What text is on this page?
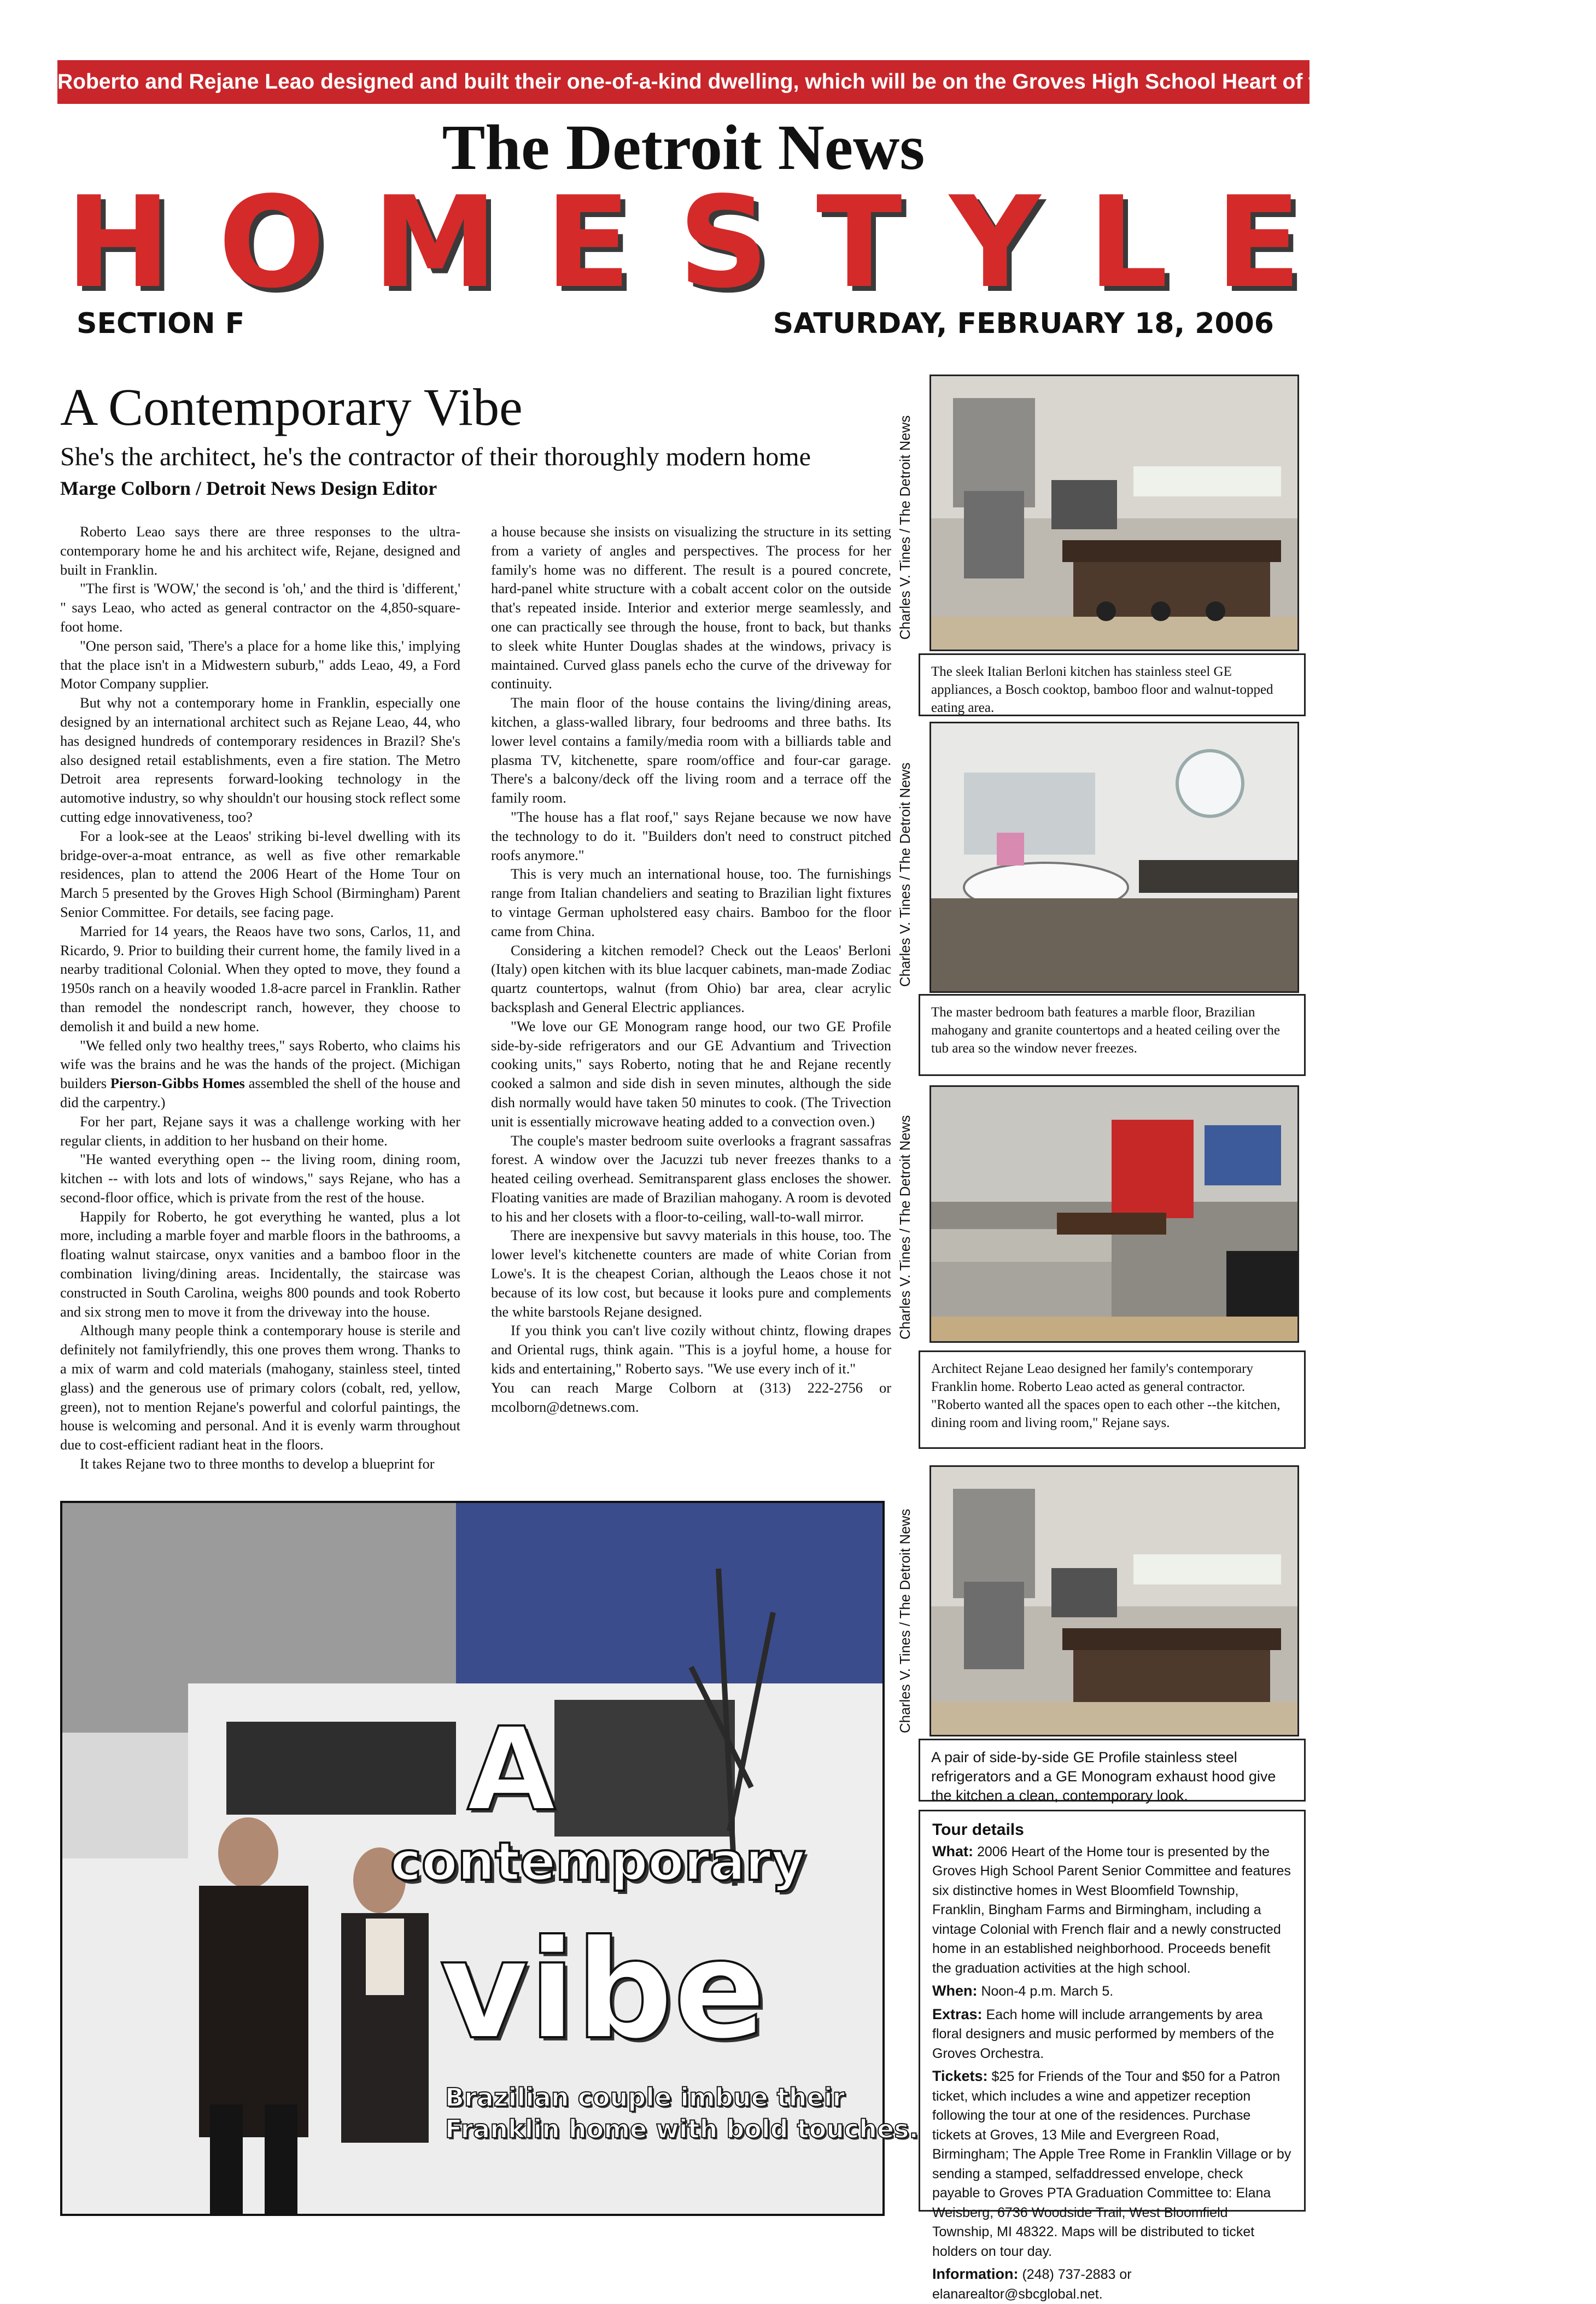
Roberto and Rejane Leao designed and built their one-of-a-kind dwelling, which will be on the Groves High School Heart of the Home Tour on March 5th
The Detroit News
H O M E S T Y L E
SECTION F	SATURDAY, FEBRUARY 18, 2006
A Contemporary Vibe
She's the architect, he's the contractor of their thoroughly modern home
Marge Colborn / Detroit News Design Editor

Roberto Leao says there are three responses to the ultra-contemporary home he and his architect wife, Rejane, designed and built in Franklin.

"The first is 'WOW,' the second is 'oh,' and the third is 'different,' " says Leao, who acted as general contractor on the 4,850-square-foot home.

"One person said, 'There's a place for a home like this,' implying that the place isn't in a Midwestern suburb," adds Leao, 49, a Ford Motor Company supplier.

But why not a contemporary home in Franklin, especially one designed by an international architect such as Rejane Leao, 44, who has designed hundreds of contemporary residences in Brazil? She's also designed retail establishments, even a fire station. The Metro Detroit area represents forward-looking technology in the automotive industry, so why shouldn't our housing stock reflect some cutting edge innovativeness, too?

For a look-see at the Leaos' striking bi-level dwelling with its bridge-over-a-moat entrance, as well as five other remarkable residences, plan to attend the 2006 Heart of the Home Tour on March 5 presented by the Groves High School (Birmingham) Parent Senior Committee. For details, see facing page.

Married for 14 years, the Reaos have two sons, Carlos, 11, and Ricardo, 9. Prior to building their current home, the family lived in a nearby traditional Colonial. When they opted to move, they found a 1950s ranch on a heavily wooded 1.8-acre parcel in Franklin. Rather than remodel the nondescript ranch, however, they choose to demolish it and build a new home.

"We felled only two healthy trees," says Roberto, who claims his wife was the brains and he was the hands of the project. (Michigan builders Pierson-Gibbs Homes assembled the shell of the house and did the carpentry.)

For her part, Rejane says it was a challenge working with her regular clients, in addition to her husband on their home.

"He wanted everything open -- the living room, dining room, kitchen -- with lots and lots of windows," says Rejane, who has a second-floor office, which is private from the rest of the house.

Happily for Roberto, he got everything he wanted, plus a lot more, including a marble foyer and marble floors in the bathrooms, a floating walnut staircase, onyx vanities and a bamboo floor in the combination living/dining areas. Incidentally, the staircase was constructed in South Carolina, weighs 800 pounds and took Roberto and six strong men to move it from the driveway into the house.

Although many people think a contemporary house is sterile and definitely not familyfriendly, this one proves them wrong. Thanks to a mix of warm and cold materials (mahogany, stainless steel, tinted glass) and the generous use of primary colors (cobalt, red, yellow, green), not to mention Rejane's powerful and colorful paintings, the house is welcoming and personal. And it is evenly warm throughout due to cost-efficient radiant heat in the floors.

It takes Rejane two to three months to develop a blueprint for

a house because she insists on visualizing the structure in its setting from a variety of angles and perspectives. The process for her family's home was no different. The result is a poured concrete, hard-panel white structure with a cobalt accent color on the outside that's repeated inside. Interior and exterior merge seamlessly, and one can practically see through the house, front to back, but thanks to sleek white Hunter Douglas shades at the windows, privacy is maintained. Curved glass panels echo the curve of the driveway for continuity.

The main floor of the house contains the living/dining areas, kitchen, a glass-walled library, four bedrooms and three baths. Its lower level contains a family/media room with a billiards table and plasma TV, kitchenette, spare room/office and four-car garage. There's a balcony/deck off the living room and a terrace off the family room.

"The house has a flat roof," says Rejane because we now have the technology to do it. "Builders don't need to construct pitched roofs anymore."

This is very much an international house, too. The furnishings range from Italian chandeliers and seating to Brazilian light fixtures to vintage German upholstered easy chairs. Bamboo for the floor came from China.

Considering a kitchen remodel? Check out the Leaos' Berloni (Italy) open kitchen with its blue lacquer cabinets, man-made Zodiac quartz countertops, walnut (from Ohio) bar area, clear acrylic backsplash and General Electric appliances.

"We love our GE Monogram range hood, our two GE Profile side-by-side refrigerators and our GE Advantium and Trivection cooking units," says Roberto, noting that he and Rejane recently cooked a salmon and side dish in seven minutes, although the side dish normally would have taken 50 minutes to cook. (The Trivection unit is essentially microwave heating added to a convection oven.)

The couple's master bedroom suite overlooks a fragrant sassafras forest. A window over the Jacuzzi tub never freezes thanks to a heated ceiling overhead. Semitransparent glass encloses the shower. Floating vanities are made of Brazilian mahogany. A room is devoted to his and her closets with a floor-to-ceiling, wall-to-wall mirror.

There are inexpensive but savvy materials in this house, too. The lower level's kitchenette counters are made of white Corian from Lowe's. It is the cheapest Corian, although the Leaos chose it not because of its low cost, but because it looks pure and complements the white barstools Rejane designed.

If you think you can't live cozily without chintz, flowing drapes and Oriental rugs, think again. "This is a joyful home, a house for kids and entertaining," Roberto says. "We use every inch of it."

You can reach Marge Colborn at (313) 222-2756 or mcolborn@detnews.com.

Charles V. Tines / The Detroit News
The sleek Italian Berloni kitchen has stainless steel GE appliances, a Bosch cooktop, bamboo floor and walnut-topped eating area.
Charles V. Tines / The Detroit News
The master bedroom bath features a marble floor, Brazilian mahogany and granite countertops and a heated ceiling over the tub area so the window never freezes.
Charles V. Tines / The Detroit News
Architect Rejane Leao designed her family's contemporary Franklin home. Roberto Leao acted as general contractor. "Roberto wanted all the spaces open to each other --the kitchen, dining room and living room," Rejane says.
Charles V. Tines / The Detroit News
A pair of side-by-side GE Profile stainless steel refrigerators and a GE Monogram exhaust hood give the kitchen a clean, contemporary look.
Tour details

What: 2006 Heart of the Home tour is presented by the Groves High School Parent Senior Committee and features six distinctive homes in West Bloomfield Township, Franklin, Bingham Farms and Birmingham, including a vintage Colonial with French flair and a newly constructed home in an established neighborhood. Proceeds benefit the graduation activities at the high school.

When: Noon-4 p.m. March 5.

Extras: Each home will include arrangements by area floral designers and music performed by members of the Groves Orchestra.

Tickets: $25 for Friends of the Tour and $50 for a Patron ticket, which includes a wine and appetizer reception following the tour at one of the residences. Purchase tickets at Groves, 13 Mile and Evergreen Road, Birmingham; The Apple Tree Rome in Franklin Village or by sending a stamped, selfaddressed envelope, check payable to Groves PTA Graduation Committee to: Elana Weisberg, 6736 Woodside Trail, West Bloomfield Township, MI 48322. Maps will be distributed to ticket holders on tour day.

Information: (248) 737-2883 or elanarealtor@sbcglobal.net.

A
contemporary
vibe
Brazilian couple imbue their
Franklin home with bold touches.
